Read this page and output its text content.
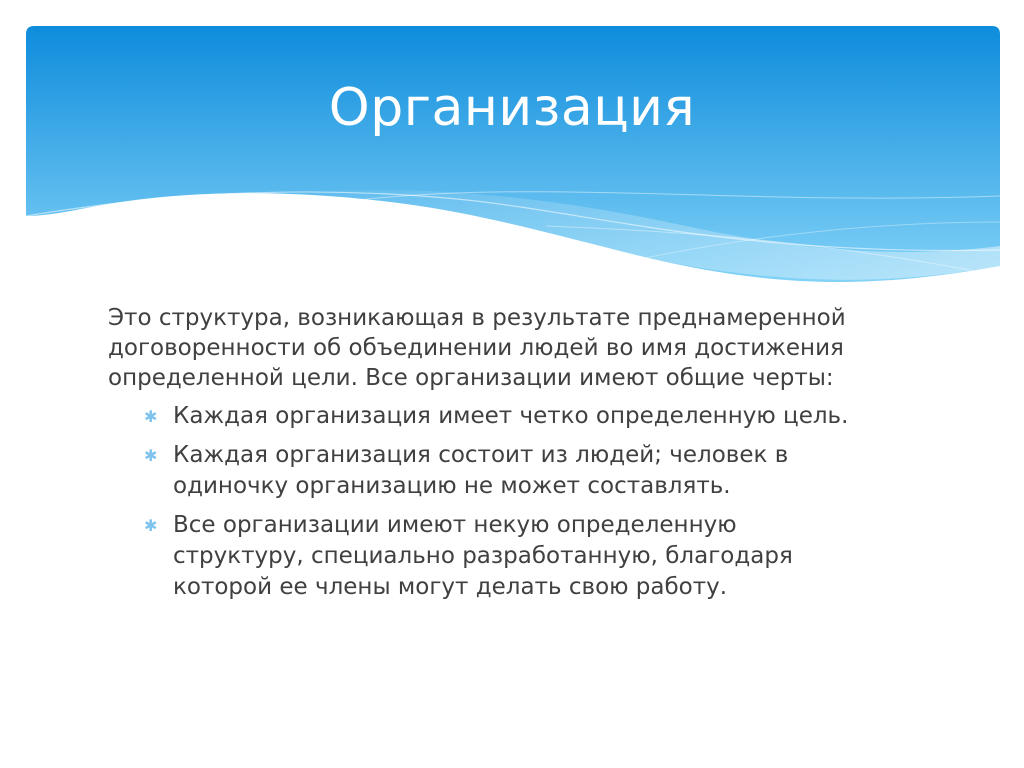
Организация

Это структура, возникающая в результате преднамеренной договоренности об объединении людей во имя достижения определенной цели. Все организации имеют общие черты:

✱ Каждая организация имеет четко определенную цель.
✱ Каждая организация состоит из людей; человек в одиночку организацию не может составлять.
✱ Все организации имеют некую определенную структуру, специально разработанную, благодаря которой ее члены могут делать свою работу.
